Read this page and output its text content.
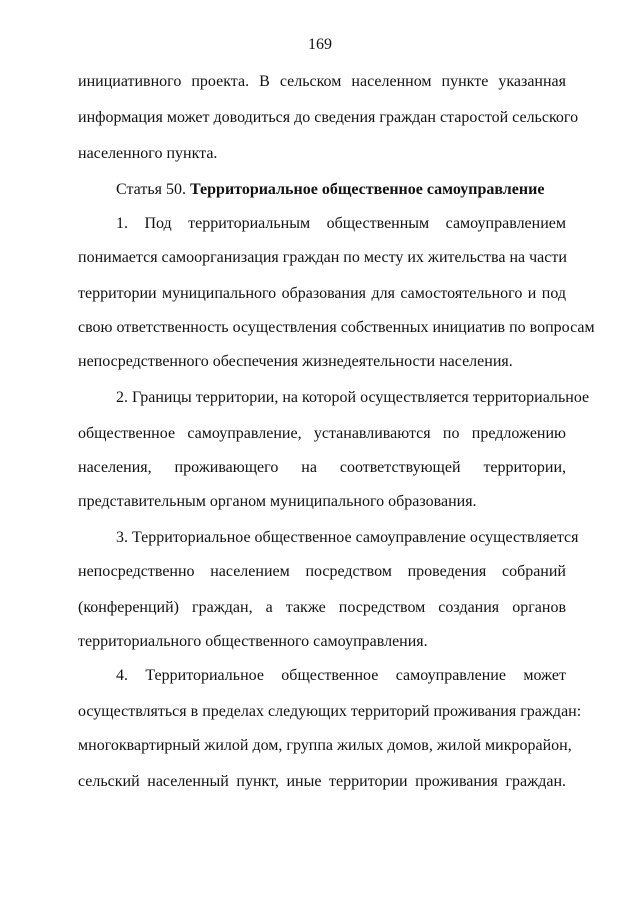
169
инициативного проекта. В сельском населенном пункте указанная
информация может доводиться до сведения граждан старостой сельского
населенного пункта.
Статья 50. Территориальное общественное самоуправление
1. Под территориальным общественным самоуправлением
понимается самоорганизация граждан по месту их жительства на части
территории муниципального образования для самостоятельного и под
свою ответственность осуществления собственных инициатив по вопросам
непосредственного обеспечения жизнедеятельности населения.
2. Границы территории, на которой осуществляется территориальное
общественное самоуправление, устанавливаются по предложению
населения, проживающего на соответствующей территории,
представительным органом муниципального образования.
3. Территориальное общественное самоуправление осуществляется
непосредственно населением посредством проведения собраний
(конференций) граждан, а также посредством создания органов
территориального общественного самоуправления.
4. Территориальное общественное самоуправление может
осуществляться в пределах следующих территорий проживания граждан:
многоквартирный жилой дом, группа жилых домов, жилой микрорайон,
сельский населенный пункт, иные территории проживания граждан.
